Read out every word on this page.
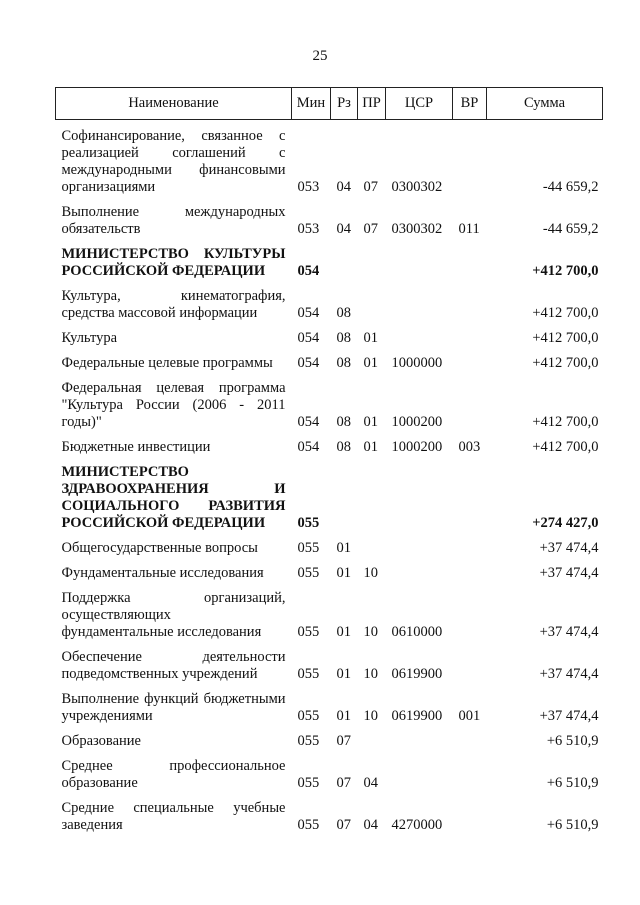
25
Наименование	Мин	Рз	ПР	ЦСР	ВР	Сумма
Софинансирование, связанное с реализацией соглашений с международными финансовыми организациями	053	04	07	0300302		-44 659,2
Выполнение международных обязательств	053	04	07	0300302	011	-44 659,2
МИНИСТЕРСТВО КУЛЬТУРЫ РОССИЙСКОЙ ФЕДЕРАЦИИ	054					+412 700,0
Культура, кинематография, средства массовой информации	054	08				+412 700,0
Культура	054	08	01			+412 700,0
Федеральные целевые программы	054	08	01	1000000		+412 700,0
Федеральная целевая программа "Культура России (2006 - 2011 годы)"	054	08	01	1000200		+412 700,0
Бюджетные инвестиции	054	08	01	1000200	003	+412 700,0
МИНИСТЕРСТВО ЗДРАВООХРАНЕНИЯ И СОЦИАЛЬНОГО РАЗВИТИЯ РОССИЙСКОЙ ФЕДЕРАЦИИ	055					+274 427,0
Общегосударственные вопросы	055	01				+37 474,4
Фундаментальные исследования	055	01	10			+37 474,4
Поддержка организаций, осуществляющих фундаментальные исследования	055	01	10	0610000		+37 474,4
Обеспечение деятельности подведомственных учреждений	055	01	10	0619900		+37 474,4
Выполнение функций бюджетными учреждениями	055	01	10	0619900	001	+37 474,4
Образование	055	07				+6 510,9
Среднее профессиональное образование	055	07	04			+6 510,9
Средние специальные учебные заведения	055	07	04	4270000		+6 510,9
